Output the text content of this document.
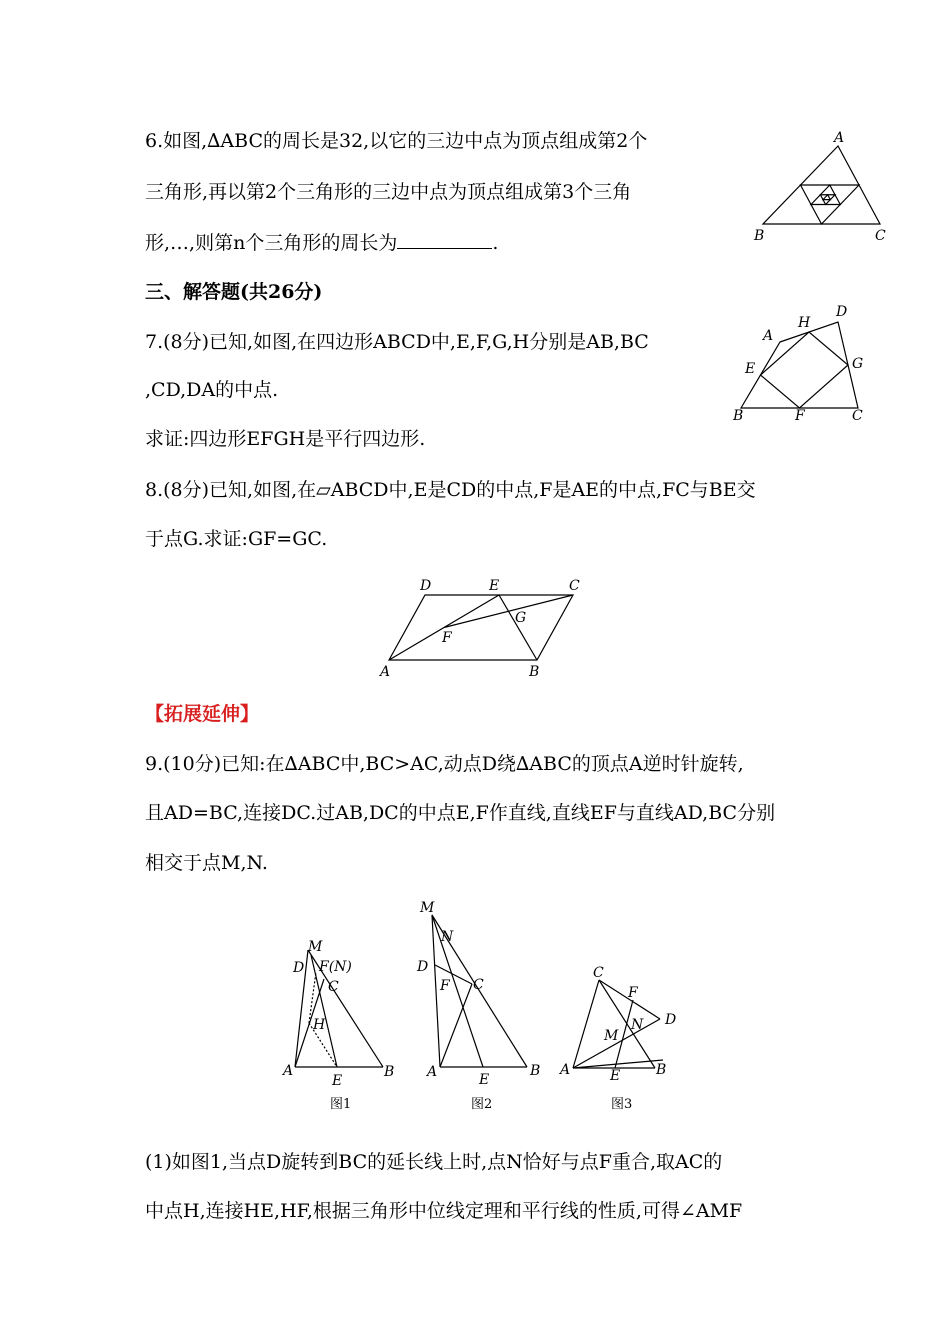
6.如图,∆ABC的周长是32,以它的三边中点为顶点组成第2个
三角形,再以第2个三角形的三边中点为顶点组成第3个三角
形,…,则第n个三角形的周长为	.
A
B	C
三、解答题(共26分)
7.(8分)已知,如图,在四边形ABCD中,E,F,G,H分别是AB,BC
,CD,DA的中点.
求证:四边形EFGH是平行四边形.
A
H
D
E	G
B	F	C
8.(8分)已知,如图,在▱ABCD中,E是CD的中点,F是AE的中点,FC与BE交
于点G.求证:GF=GC.
D	E	C
G
F
A	B
【拓展延伸】
9.(10分)已知:在∆ABC中,BC>AC,动点D绕∆ABC的顶点A逆时针旋转,
且AD=BC,连接DC.过AB,DC的中点E,F作直线,直线EF与直线AD,BC分别
相交于点M,N.
M
D F(N)
C
H
A
E
B
图1
M
N
D
F C
A	E
B
图2
C
F
N D
M
A	E	B
图3
(1)如图1,当点D旋转到BC的延长线上时,点N恰好与点F重合,取AC的
中点H,连接HE,HF,根据三角形中位线定理和平行线的性质,可得∠AMF
